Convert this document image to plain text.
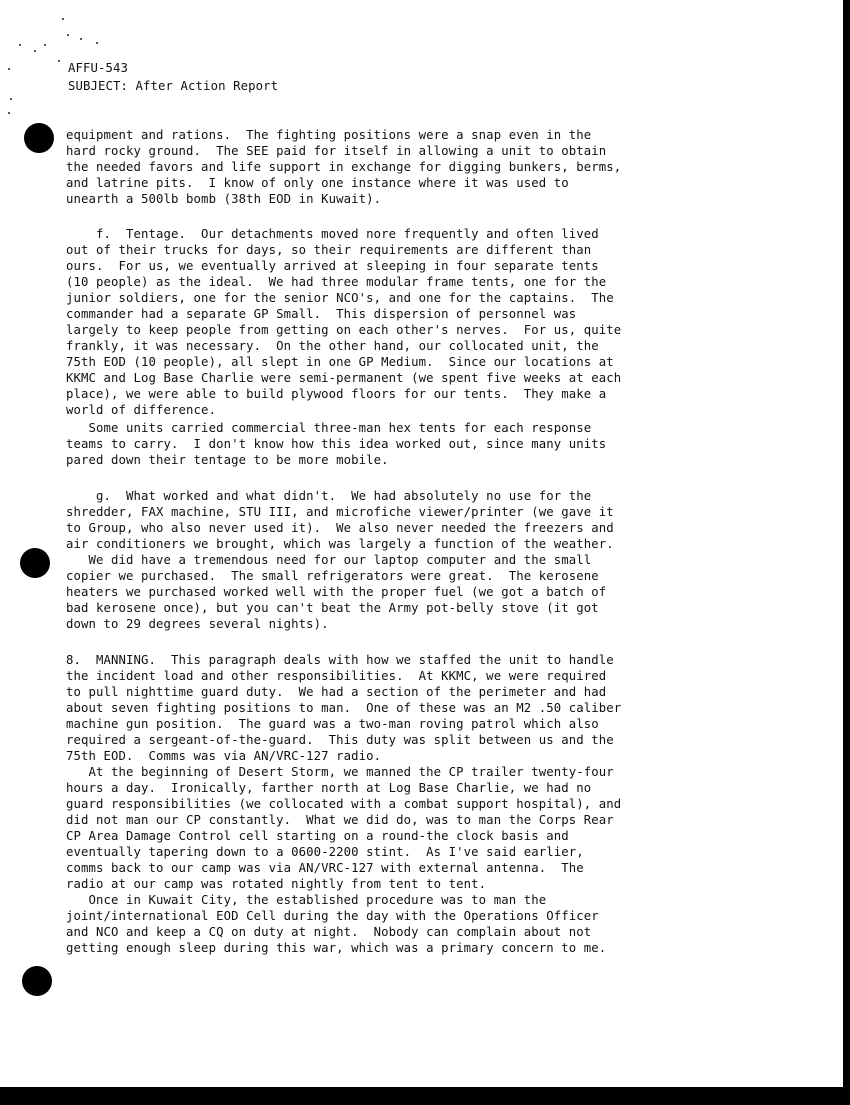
AFFU-543
SUBJECT: After Action Report
equipment and rations.  The fighting positions were a snap even in the
hard rocky ground.  The SEE paid for itself in allowing a unit to obtain
the needed favors and life support in exchange for digging bunkers, berms,
and latrine pits.  I know of only one instance where it was used to
unearth a 500lb bomb (38th EOD in Kuwait).
f.  Tentage.  Our detachments moved nore frequently and often lived
out of their trucks for days, so their requirements are different than
ours.  For us, we eventually arrived at sleeping in four separate tents
(10 people) as the ideal.  We had three modular frame tents, one for the
junior soldiers, one for the senior NCO's, and one for the captains.  The
commander had a separate GP Small.  This dispersion of personnel was
largely to keep people from getting on each other's nerves.  For us, quite
frankly, it was necessary.  On the other hand, our collocated unit, the
75th EOD (10 people), all slept in one GP Medium.  Since our locations at
KKMC and Log Base Charlie were semi-permanent (we spent five weeks at each
place), we were able to build plywood floors for our tents.  They make a
world of difference.
Some units carried commercial three-man hex tents for each response
teams to carry.  I don't know how this idea worked out, since many units
pared down their tentage to be more mobile.
g.  What worked and what didn't.  We had absolutely no use for the
shredder, FAX machine, STU III, and microfiche viewer/printer (we gave it
to Group, who also never used it).  We also never needed the freezers and
air conditioners we brought, which was largely a function of the weather.
We did have a tremendous need for our laptop computer and the small
copier we purchased.  The small refrigerators were great.  The kerosene
heaters we purchased worked well with the proper fuel (we got a batch of
bad kerosene once), but you can't beat the Army pot-belly stove (it got
down to 29 degrees several nights).
8.  MANNING.  This paragraph deals with how we staffed the unit to handle
the incident load and other responsibilities.  At KKMC, we were required
to pull nighttime guard duty.  We had a section of the perimeter and had
about seven fighting positions to man.  One of these was an M2 .50 caliber
machine gun position.  The guard was a two-man roving patrol which also
required a sergeant-of-the-guard.  This duty was split between us and the
75th EOD.  Comms was via AN/VRC-127 radio.
At the beginning of Desert Storm, we manned the CP trailer twenty-four
hours a day.  Ironically, farther north at Log Base Charlie, we had no
guard responsibilities (we collocated with a combat support hospital), and
did not man our CP constantly.  What we did do, was to man the Corps Rear
CP Area Damage Control cell starting on a round-the clock basis and
eventually tapering down to a 0600-2200 stint.  As I've said earlier,
comms back to our camp was via AN/VRC-127 with external antenna.  The
radio at our camp was rotated nightly from tent to tent.
Once in Kuwait City, the established procedure was to man the
joint/international EOD Cell during the day with the Operations Officer
and NCO and keep a CQ on duty at night.  Nobody can complain about not
getting enough sleep during this war, which was a primary concern to me.
